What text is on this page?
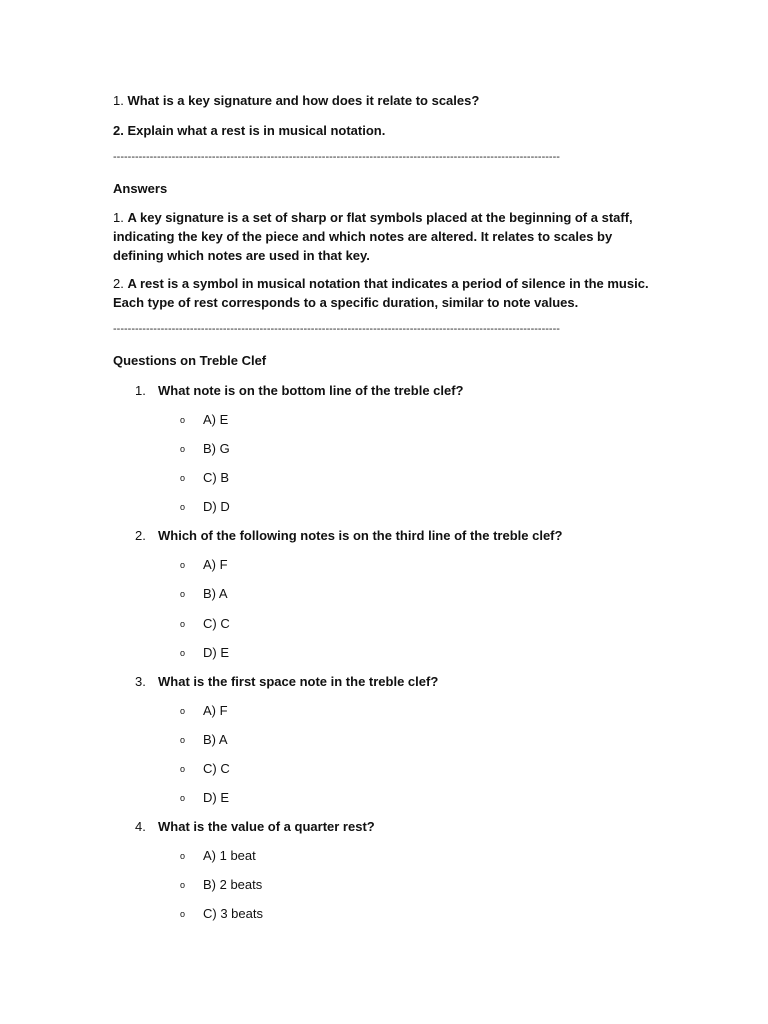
1. What is a key signature and how does it relate to scales?
2. Explain what a rest is in musical notation.
--------------------------------------------------------------------------------------------------------------------------
Answers
1. A key signature is a set of sharp or flat symbols placed at the beginning of a staff, indicating the key of the piece and which notes are altered. It relates to scales by defining which notes are used in that key.
2. A rest is a symbol in musical notation that indicates a period of silence in the music. Each type of rest corresponds to a specific duration, similar to note values.
--------------------------------------------------------------------------------------------------------------------------
Questions on Treble Clef
1. What note is on the bottom line of the treble clef?
o A) E
o B) G
o C) B
o D) D
2. Which of the following notes is on the third line of the treble clef?
o A) F
o B) A
o C) C
o D) E
3. What is the first space note in the treble clef?
o A) F
o B) A
o C) C
o D) E
4. What is the value of a quarter rest?
o A) 1 beat
o B) 2 beats
o C) 3 beats
